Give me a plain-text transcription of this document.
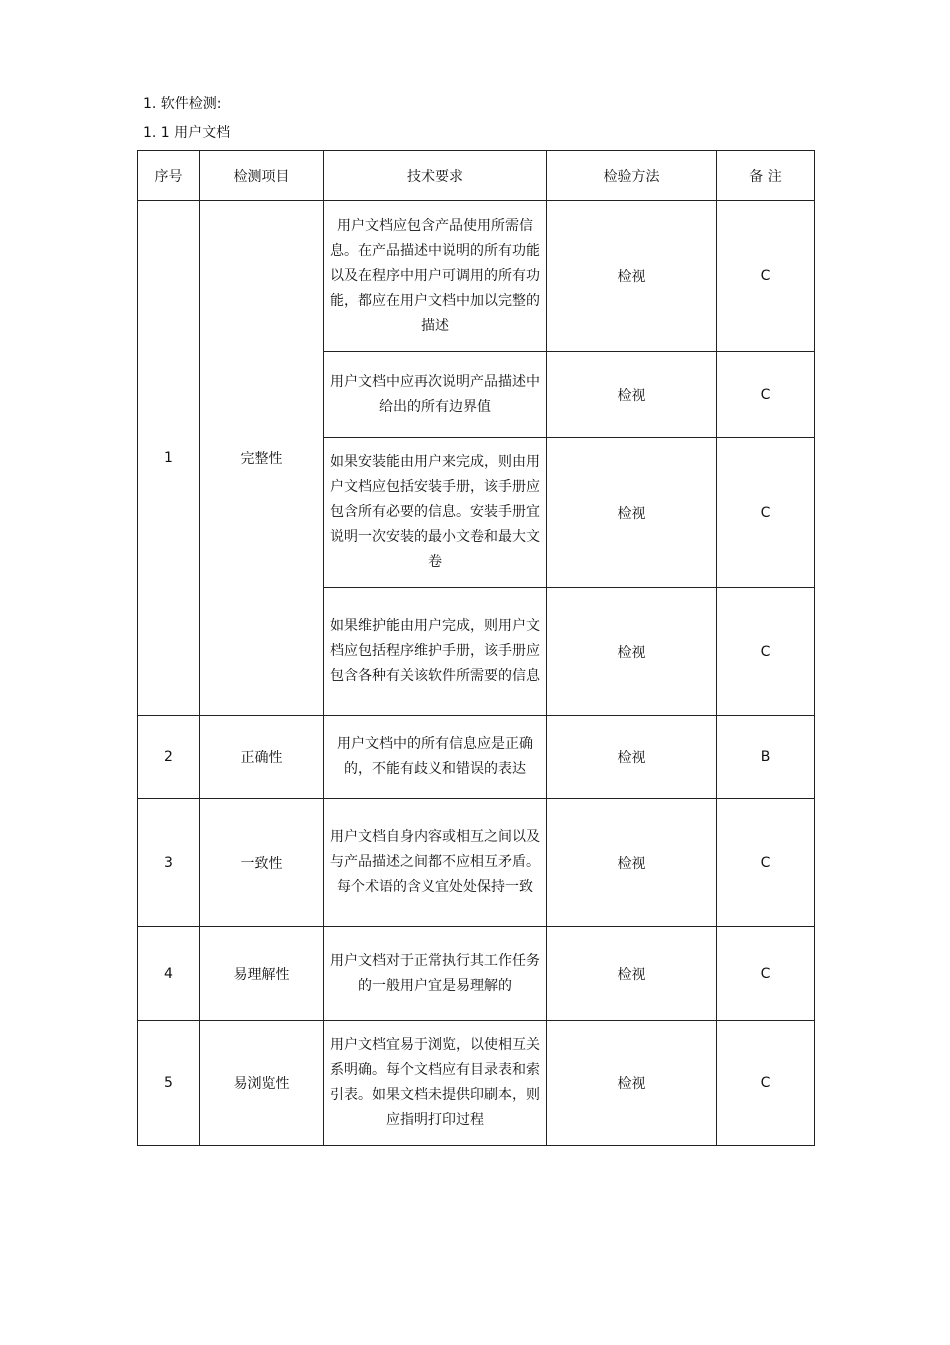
1. 软件检测:
1. 1 用户文档
序号	检测项目	技术要求	检验方法	备 注
1	完整性	用户文档应包含产品使用所需信息。在产品描述中说明的所有功能以及在程序中用户可调用的所有功能，都应在用户文档中加以完整的描述	检视	C
		用户文档中应再次说明产品描述中给出的所有边界值	检视	C
		如果安装能由用户来完成，则由用户文档应包括安装手册，该手册应包含所有必要的信息。安装手册宜说明一次安装的最小文卷和最大文卷	检视	C
		如果维护能由用户完成，则用户文档应包括程序维护手册，该手册应包含各种有关该软件所需要的信息	检视	C
2	正确性	用户文档中的所有信息应是正确的，不能有歧义和错误的表达	检视	B
3	一致性	用户文档自身内容或相互之间以及与产品描述之间都不应相互矛盾。每个术语的含义宜处处保持一致	检视	C
4	易理解性	用户文档对于正常执行其工作任务的一般用户宜是易理解的	检视	C
5	易浏览性	用户文档宜易于浏览，以使相互关系明确。每个文档应有目录表和索引表。如果文档未提供印刷本，则应指明打印过程	检视	C
